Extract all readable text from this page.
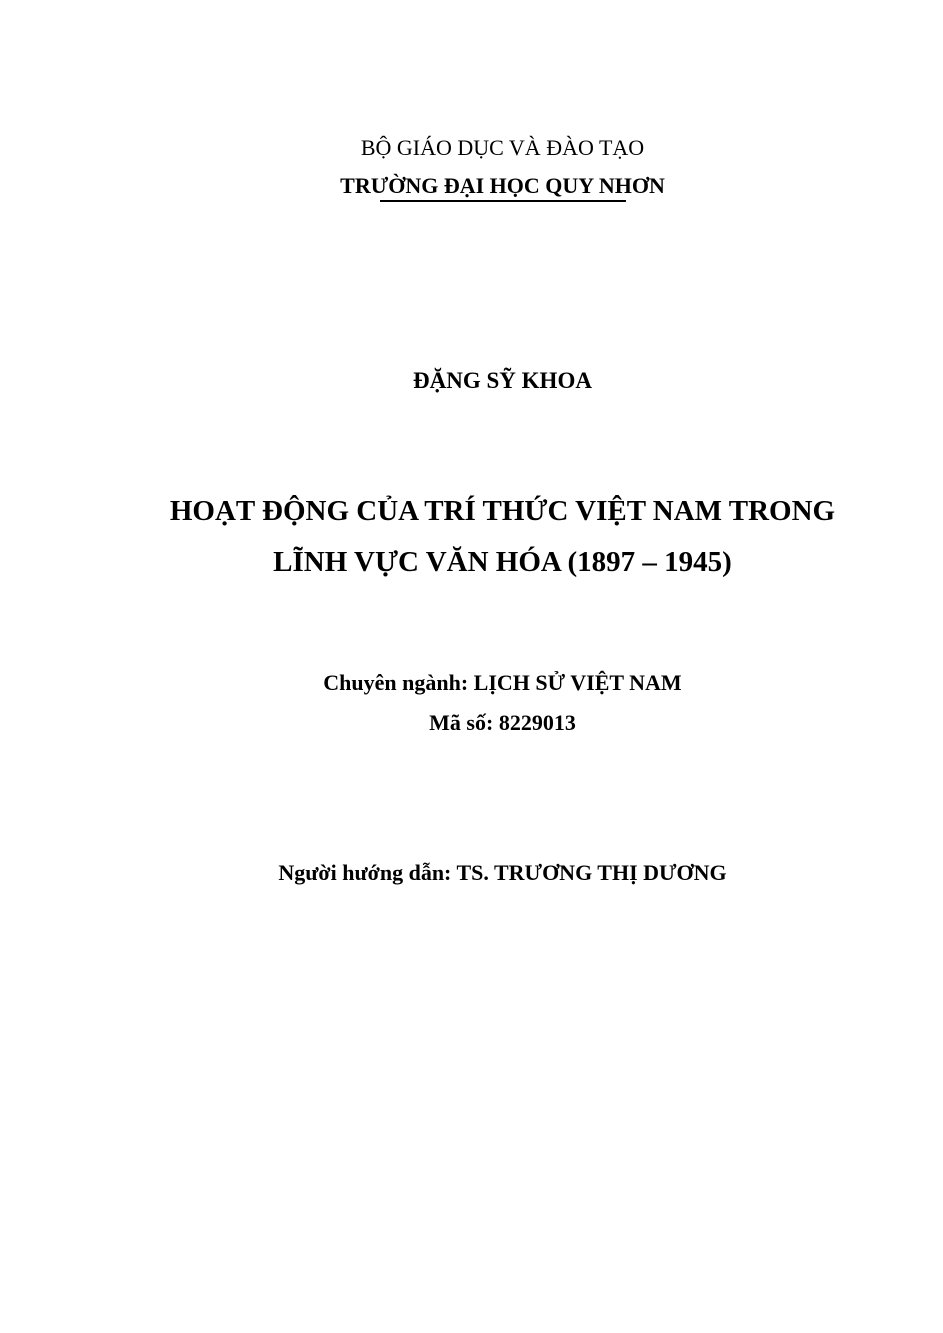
BỘ GIÁO DỤC VÀ ĐÀO TẠO
TRƯỜNG ĐẠI HỌC QUY NHƠN
ĐẶNG SỸ KHOA
HOẠT ĐỘNG CỦA TRÍ THỨC VIỆT NAM TRONG
LĨNH VỰC VĂN HÓA (1897 – 1945)
Chuyên ngành: LỊCH SỬ VIỆT NAM
Mã số: 8229013
Người hướng dẫn: TS. TRƯƠNG THỊ DƯƠNG
